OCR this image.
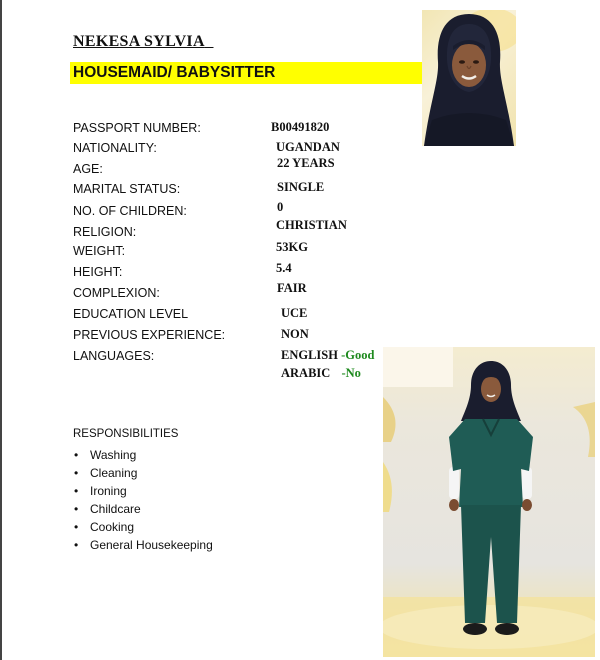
NEKESA SYLVIA
HOUSEMAID/ BABYSITTER
PASSPORT NUMBER:
NATIONALITY:
AGE:
MARITAL STATUS:
NO. OF CHILDREN:
RELIGION:
WEIGHT:
HEIGHT:
COMPLEXION:
EDUCATION LEVEL
PREVIOUS EXPERIENCE:
LANGUAGES:
B00491820
UGANDAN
22 YEARS
SINGLE
0
CHRISTIAN
53KG
5.4
FAIR
UCE
NON
ENGLISH -Good
ARABIC -No
RESPONSIBILITIES
• Washing
• Cleaning
• Ironing
• Childcare
• Cooking
• General Housekeeping
